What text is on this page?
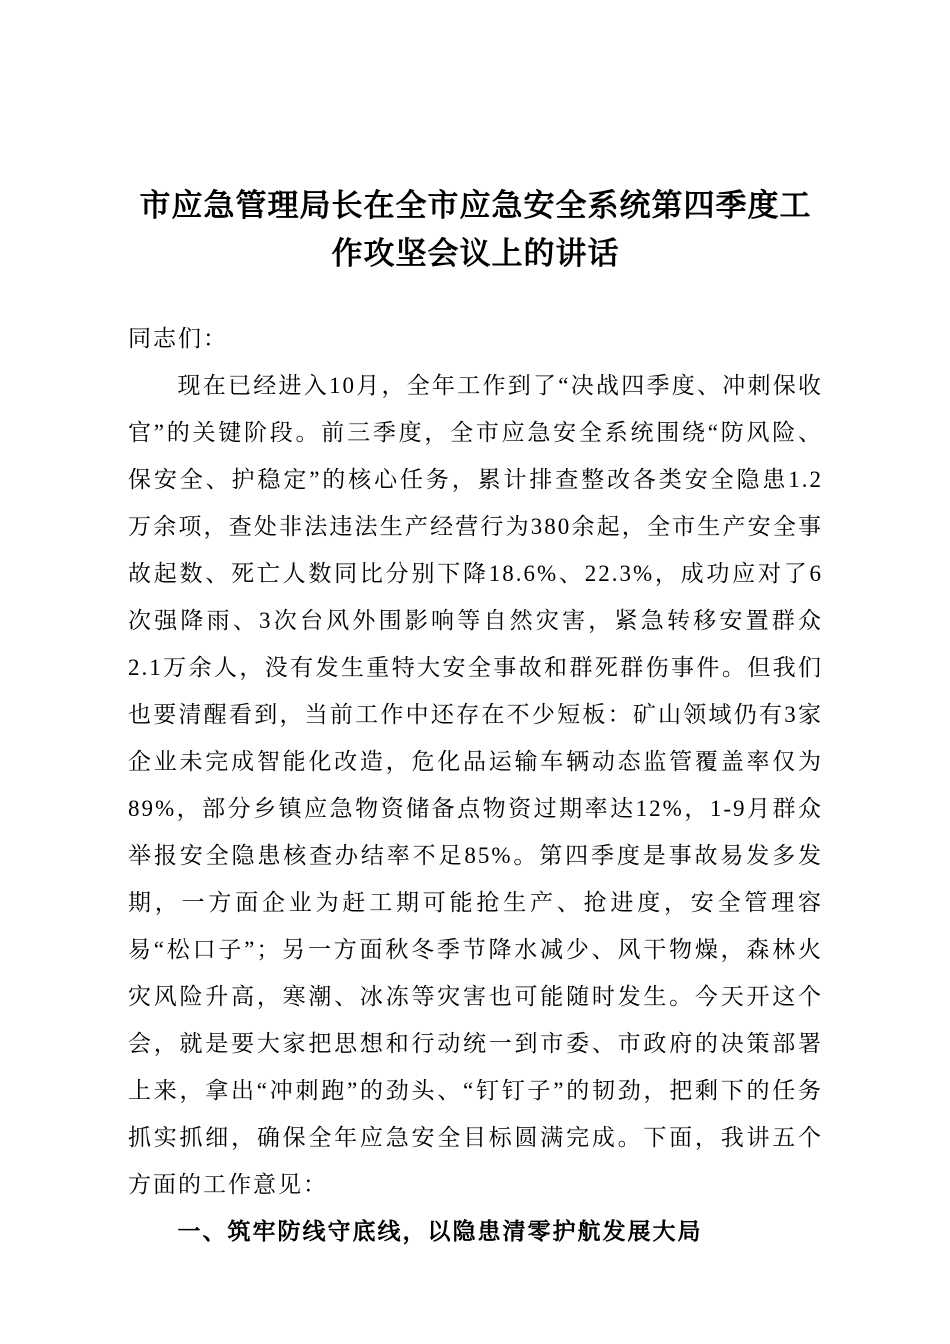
市应急管理局长在全市应急安全系统第四季度工作攻坚会议上的讲话

同志们：

现在已经进入10月，全年工作到了“决战四季度、冲刺保收官”的关键阶段。前三季度，全市应急安全系统围绕“防风险、保安全、护稳定”的核心任务，累计排查整改各类安全隐患1.2万余项，查处非法违法生产经营行为380余起，全市生产安全事故起数、死亡人数同比分别下降18.6%、22.3%，成功应对了6次强降雨、3次台风外围影响等自然灾害，紧急转移安置群众2.1万余人，没有发生重特大安全事故和群死群伤事件。但我们也要清醒看到，当前工作中还存在不少短板：矿山领域仍有3家企业未完成智能化改造，危化品运输车辆动态监管覆盖率仅为89%，部分乡镇应急物资储备点物资过期率达12%，1-9月群众举报安全隐患核查办结率不足85%。第四季度是事故易发多发期，一方面企业为赶工期可能抢生产、抢进度，安全管理容易“松口子”；另一方面秋冬季节降水减少、风干物燥，森林火灾风险升高，寒潮、冰冻等灾害也可能随时发生。今天开这个会，就是要大家把思想和行动统一到市委、市政府的决策部署上来，拿出“冲刺跑”的劲头、“钉钉子”的韧劲，把剩下的任务抓实抓细，确保全年应急安全目标圆满完成。下面，我讲五个方面的工作意见：

一、筑牢防线守底线，以隐患清零护航发展大局
